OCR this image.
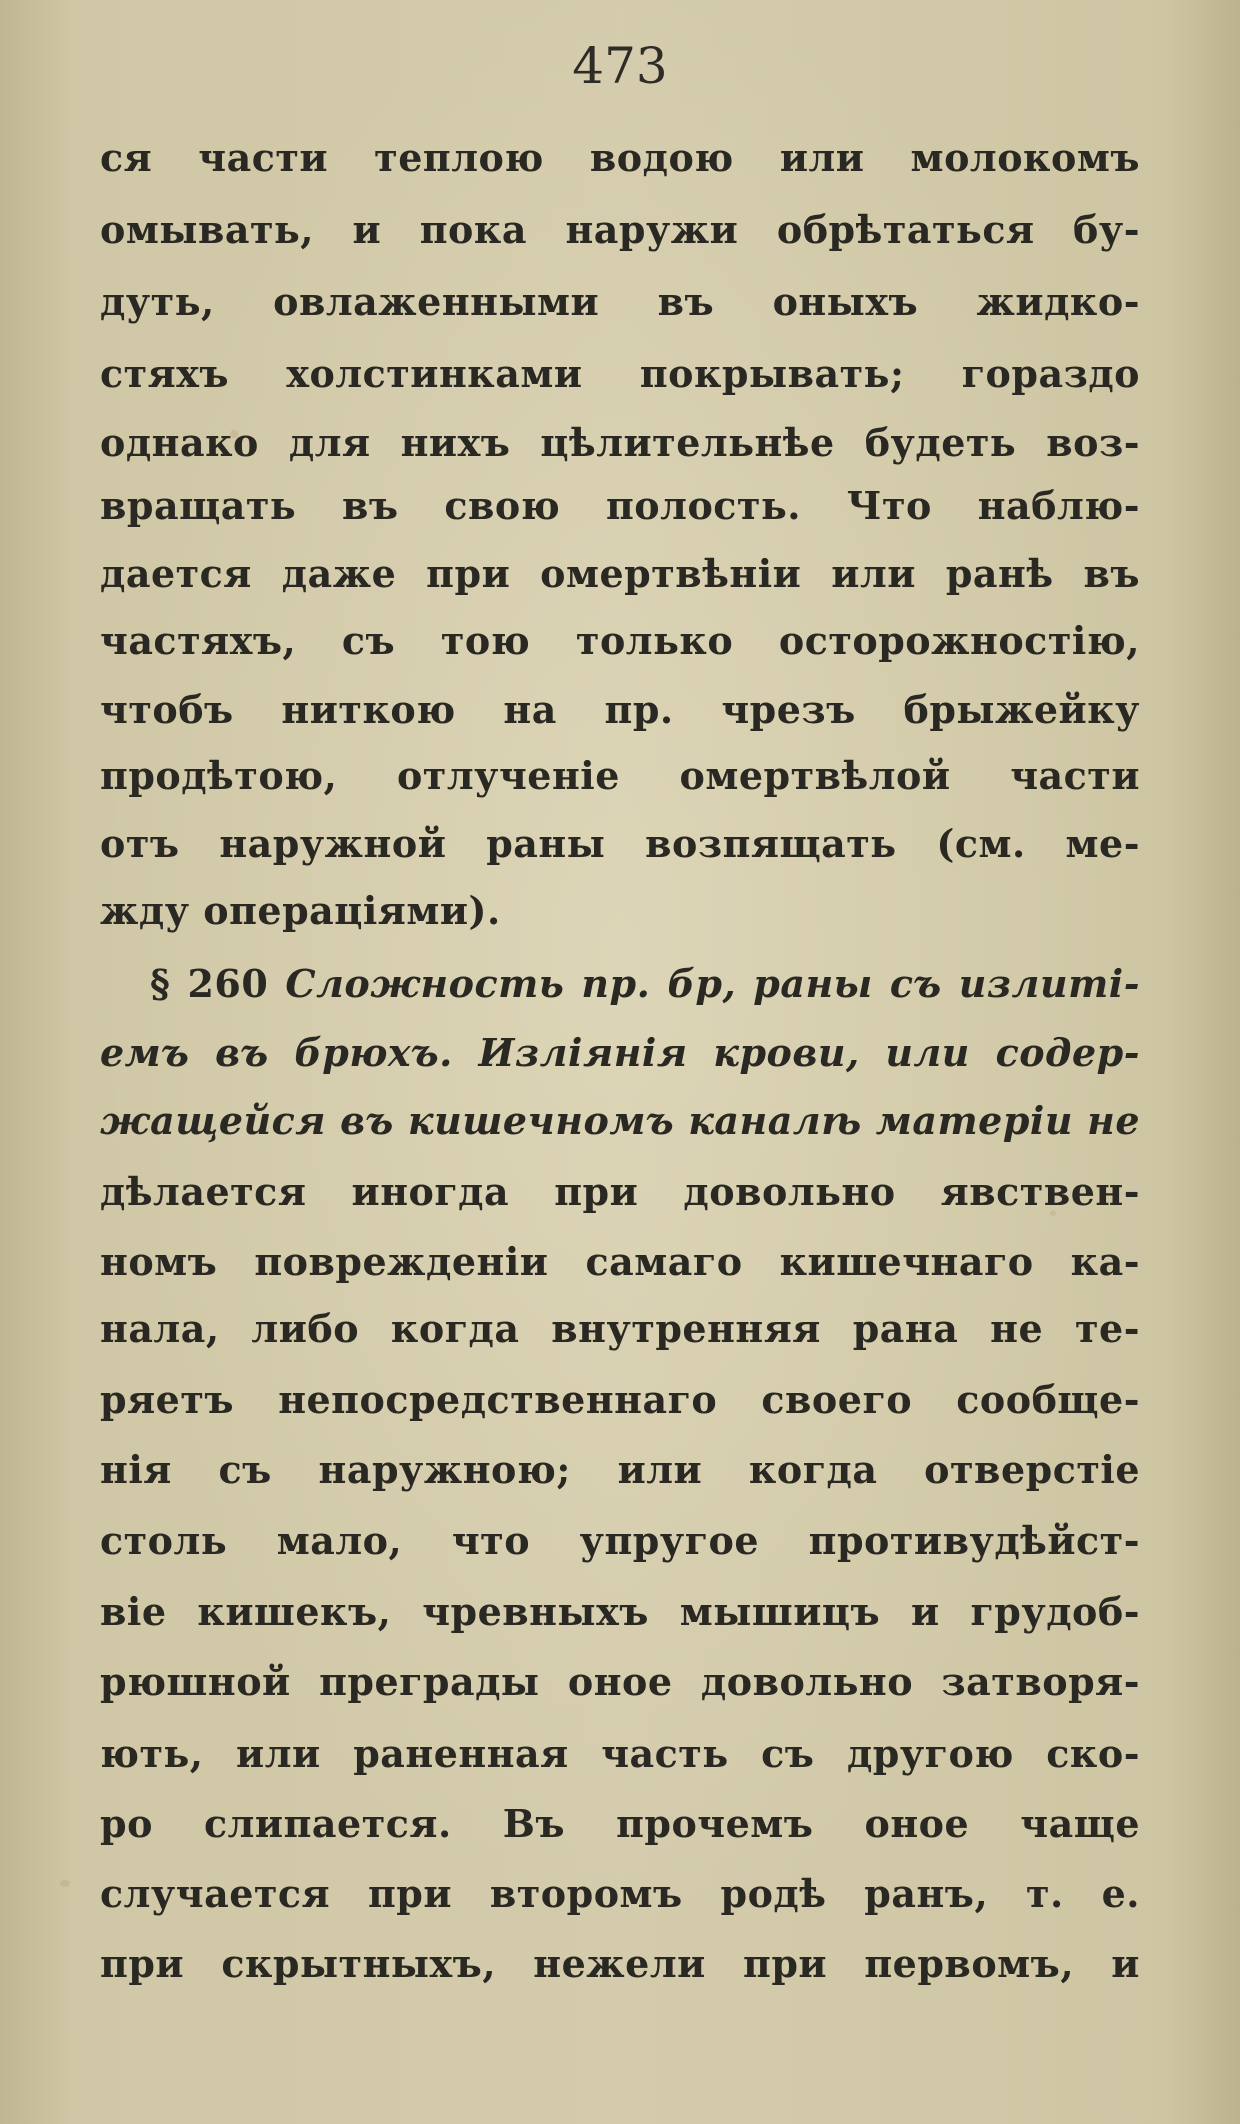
473
ся части теплою водою или молокомъ
омывать, и пока наружи обрѣтаться бу-
дуть, овлаженными въ оныхъ жидко-
стяхъ холстинками покрывать; гораздо
однако для нихъ цѣлительнѣе будеть воз-
вращать въ свою полость. Что наблю-
дается даже при омертвѣніи или ранѣ въ
частяхъ, съ тою только осторожностію,
чтобъ ниткою на пр. чрезъ брыжейку
продѣтою, отлученіе омертвѣлой части
отъ наружной раны возпящать (см. ме-
жду операціями).
§ 260 Сложность пр. бр, раны съ излиті-
емъ въ брюхъ. Изліянія крови, или содер-
жащейся въ кишечномъ каналѣ матеріи не
дѣлается иногда при довольно явствен-
номъ поврежденіи самаго кишечнаго ка-
нала, либо когда внутренняя рана не те-
ряетъ непосредственнаго своего сообще-
нія съ наружною; или когда отверстіе
столь мало, что упругое противудѣйст-
віе кишекъ, чревныхъ мышицъ и грудоб-
рюшной преграды оное довольно затворя-
ють, или раненная часть съ другою ско-
ро слипается. Въ прочемъ оное чаще
случается при второмъ родѣ ранъ, т. е.
при скрытныхъ, нежели при первомъ, и
